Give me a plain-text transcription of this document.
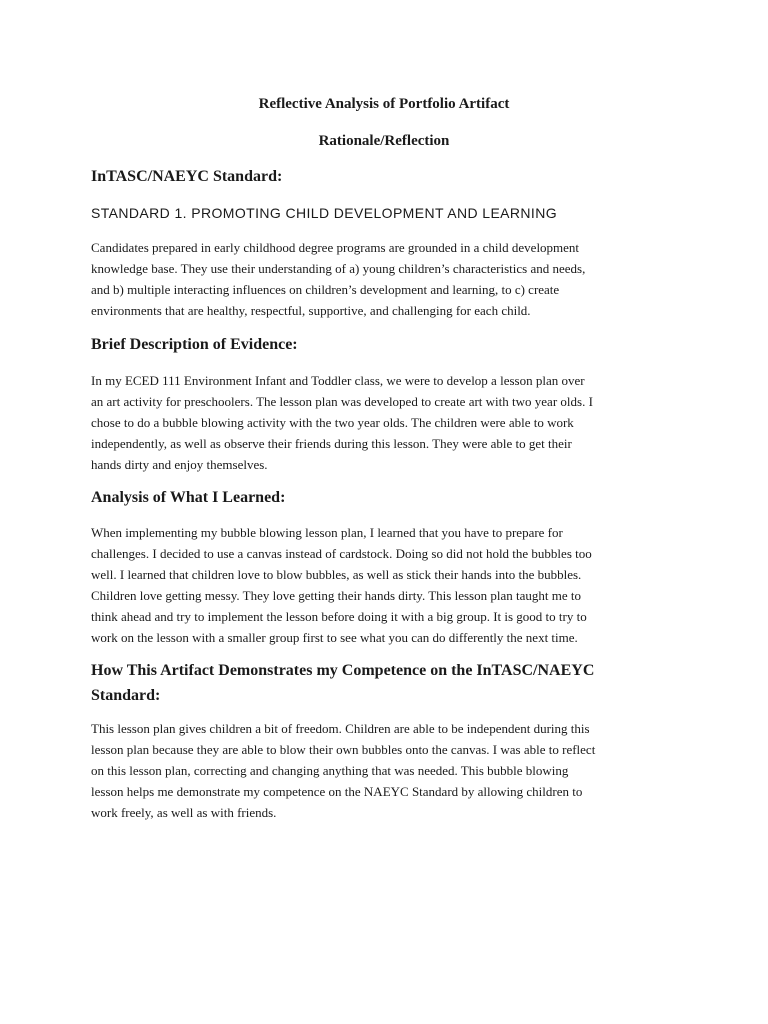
Reflective Analysis of Portfolio Artifact
Rationale/Reflection
InTASC/NAEYC Standard:

STANDARD 1. PROMOTING CHILD DEVELOPMENT AND LEARNING

Candidates prepared in early childhood degree programs are grounded in a child development
knowledge base. They use their understanding of a) young children’s characteristics and needs,
and b) multiple interacting influences on children’s development and learning, to c) create
environments that are healthy, respectful, supportive, and challenging for each child.
Brief Description of Evidence:
In my ECED 111 Environment Infant and Toddler class, we were to develop a lesson plan over
an art activity for preschoolers. The lesson plan was developed to create art with two year olds. I
chose to do a bubble blowing activity with the two year olds. The children were able to work
independently, as well as observe their friends during this lesson. They were able to get their
hands dirty and enjoy themselves.
Analysis of What I Learned:
When implementing my bubble blowing lesson plan, I learned that you have to prepare for
challenges. I decided to use a canvas instead of cardstock. Doing so did not hold the bubbles too
well. I learned that children love to blow bubbles, as well as stick their hands into the bubbles.
Children love getting messy. They love getting their hands dirty. This lesson plan taught me to
think ahead and try to implement the lesson before doing it with a big group. It is good to try to
work on the lesson with a smaller group first to see what you can do differently the next time.
How This Artifact Demonstrates my Competence on the InTASC/NAEYC
Standard:
This lesson plan gives children a bit of freedom. Children are able to be independent during this
lesson plan because they are able to blow their own bubbles onto the canvas. I was able to reflect
on this lesson plan, correcting and changing anything that was needed. This bubble blowing
lesson helps me demonstrate my competence on the NAEYC Standard by allowing children to
work freely, as well as with friends.
